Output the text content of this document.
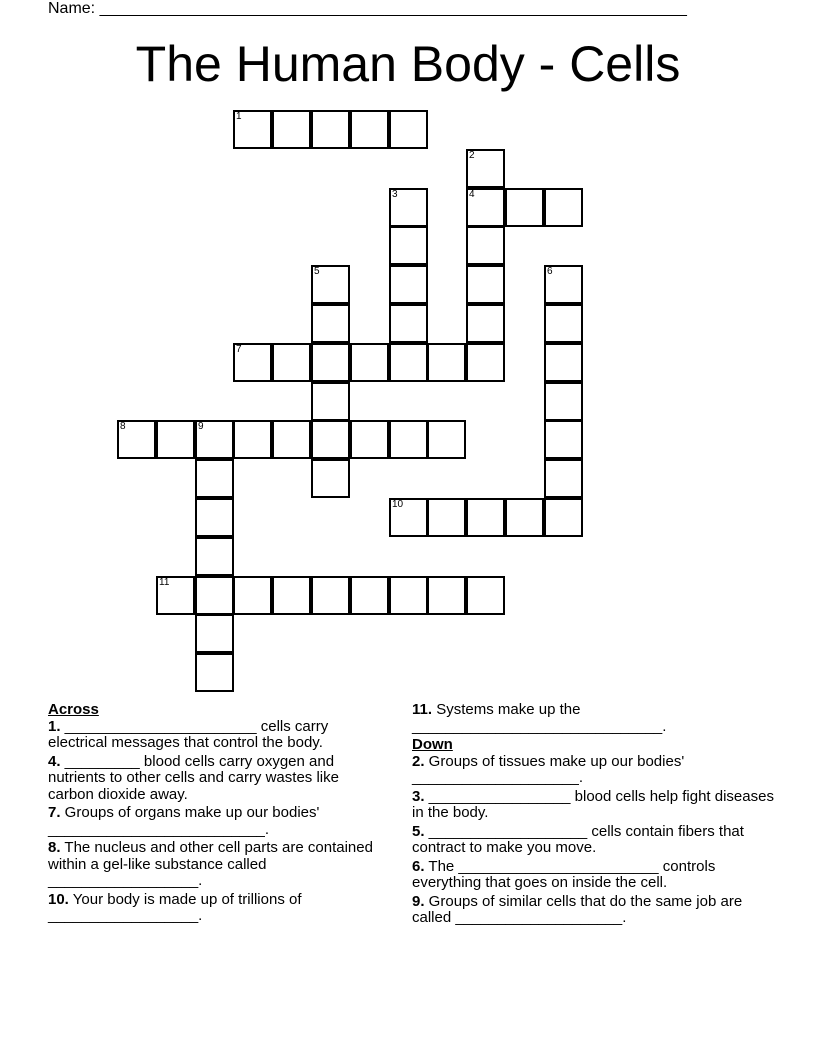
Name: __________________________________________________________________
The Human Body - Cells
1
2
4
3
5	6
7
8	9
10
11

Across

1. _______________________ cells carry electrical messages that control the body.

4. _________ blood cells carry oxygen and nutrients to other cells and carry wastes like carbon dioxide away.

7. Groups of organs make up our bodies' __________________________.

8. The nucleus and other cell parts are contained within a gel-like substance called __________________.

10. Your body is made up of trillions of __________________.

11. Systems make up the ______________________________.

Down

2. Groups of tissues make up our bodies' ____________________.

3. _________________ blood cells help fight diseases in the body.

5. ___________________ cells contain fibers that contract to make you move.

6. The ________________________ controls everything that goes on inside the cell.

9. Groups of similar cells that do the same job are called ____________________.
